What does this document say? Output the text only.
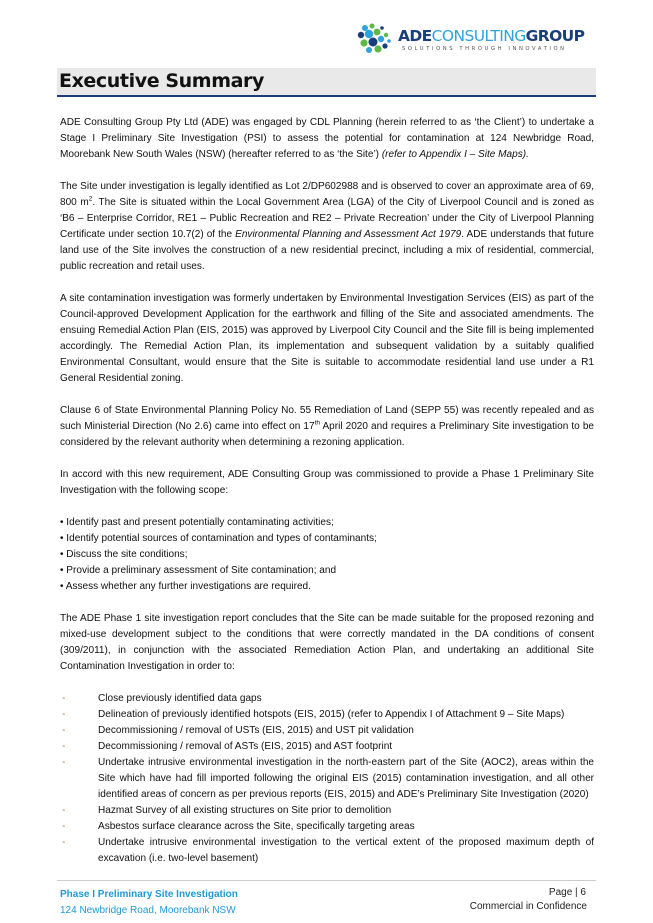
ADECONSULTINGGROUP
SOLUTIONS THROUGH INNOVATION
Executive Summary

ADE Consulting Group Pty Ltd (ADE) was engaged by CDL Planning (herein referred to as ‘the Client’) to undertake a Stage I Preliminary Site Investigation (PSI) to assess the potential for contamination at 124 Newbridge Road, Moorebank New South Wales (NSW) (hereafter referred to as ‘the Site’) (refer to Appendix I – Site Maps).

The Site under investigation is legally identified as Lot 2/DP602988 and is observed to cover an approximate area of 69, 800 $m^2$. The Site is situated within the Local Government Area (LGA) of the City of Liverpool Council and is zoned as ‘B6 – Enterprise Corridor, RE1 – Public Recreation and RE2 – Private Recreation’ under the City of Liverpool Planning Certificate under section 10.7(2) of the Environmental Planning and Assessment Act 1979. ADE understands that future land use of the Site involves the construction of a new residential precinct, including a mix of residential, commercial, public recreation and retail uses.

A site contamination investigation was formerly undertaken by Environmental Investigation Services (EIS) as part of the Council-approved Development Application for the earthwork and filling of the Site and associated amendments. The ensuing Remedial Action Plan (EIS, 2015) was approved by Liverpool City Council and the Site fill is being implemented accordingly. The Remedial Action Plan, its implementation and subsequent validation by a suitably qualified Environmental Consultant, would ensure that the Site is suitable to accommodate residential land use under a R1 General Residential zoning.

Clause 6 of State Environmental Planning Policy No. 55 Remediation of Land (SEPP 55) was recently repealed and as such Ministerial Direction (No 2.6) came into effect on 17th April 2020 and requires a Preliminary Site investigation to be considered by the relevant authority when determining a rezoning application.

In accord with this new requirement, ADE Consulting Group was commissioned to provide a Phase 1 Preliminary Site Investigation with the following scope:

• Identify past and present potentially contaminating activities;
• Identify potential sources of contamination and types of contaminants;
• Discuss the site conditions;
• Provide a preliminary assessment of Site contamination; and
• Assess whether any further investigations are required.

The ADE Phase 1 site investigation report concludes that the Site can be made suitable for the proposed rezoning and mixed-use development subject to the conditions that were correctly mandated in the DA conditions of consent (309/2011), in conjunction with the associated Remediation Action Plan, and undertaking an additional Site Contamination Investigation in order to:

-	Close previously identified data gaps
-	Delineation of previously identified hotspots (EIS, 2015) (refer to Appendix I of Attachment 9 – Site Maps)
-	Decommissioning / removal of USTs (EIS, 2015) and UST pit validation
-	Decommissioning / removal of ASTs (EIS, 2015) and AST footprint
-	Undertake intrusive environmental investigation in the north-eastern part of the Site (AOC2), areas within the Site which have had fill imported following the original EIS (2015) contamination investigation, and all other identified areas of concern as per previous reports (EIS, 2015) and ADE’s Preliminary Site Investigation (2020)
-	Hazmat Survey of all existing structures on Site prior to demolition
-	Asbestos surface clearance across the Site, specifically targeting areas
-	Undertake intrusive environmental investigation to the vertical extent of the proposed maximum depth of excavation (i.e. two-level basement)
Phase I Preliminary Site Investigation
124 Newbridge Road, Moorebank NSW
Page | 6
Commercial in Confidence
